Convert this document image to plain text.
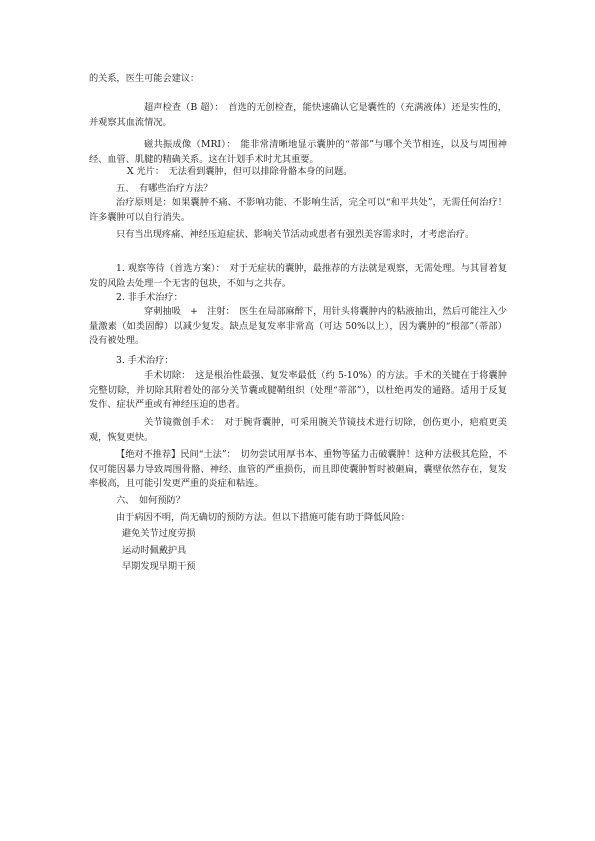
的关系，医生可能会建议：

超声检查（B 超）：　首选的无创检查，能快速确认它是囊性的（充满液体）还是实性的，并观察其血流情况。

磁共振成像（MRI）：　能非常清晰地显示囊肿的“蒂部”与哪个关节相连，以及与周围神经、血管、肌腱的精确关系。这在计划手术时尤其重要。

X 光片：　无法看到囊肿，但可以排除骨骼本身的问题。

五、　有哪些治疗方法？

治疗原则是：如果囊肿不痛、不影响功能、不影响生活，完全可以“和平共处”，无需任何治疗！　许多囊肿可以自行消失。

只有当出现疼痛、神经压迫症状、影响关节活动或患者有强烈美容需求时，才考虑治疗。

1. 观察等待（首选方案）：　对于无症状的囊肿，最推荐的方法就是观察，无需处理。与其冒着复发的风险去处理一个无害的包块，不如与之共存。

2. 非手术治疗：

穿刺抽吸　+　注射：　医生在局部麻醉下，用针头将囊肿内的粘液抽出，然后可能注入少量激素（如类固醇）以减少复发。缺点是复发率非常高（可达 50%以上），因为囊肿的“根部”（蒂部）没有被处理。

3. 手术治疗：

手术切除：　这是根治性最强、复发率最低（约 5-10%）的方法。手术的关键在于将囊肿完整切除，并切除其附着处的部分关节囊或腱鞘组织（处理“蒂部”），以杜绝再发的通路。适用于反复发作、症状严重或有神经压迫的患者。

关节镜微创手术：　对于腕背囊肿，可采用腕关节镜技术进行切除，创伤更小，疤痕更美观，恢复更快。

【绝对不推荐】民间“土法”：　切勿尝试用厚书本、重物等猛力击破囊肿！这种方法极其危险，不仅可能因暴力导致周围骨骼、神经、血管的严重损伤，而且即使囊肿暂时被砸扁，囊壁依然存在，复发率极高，且可能引发更严重的炎症和粘连。

六、　如何预防？

由于病因不明，尚无确切的预防方法。但以下措施可能有助于降低风险：

避免关节过度劳损

运动时佩戴护具

早期发现早期干预
